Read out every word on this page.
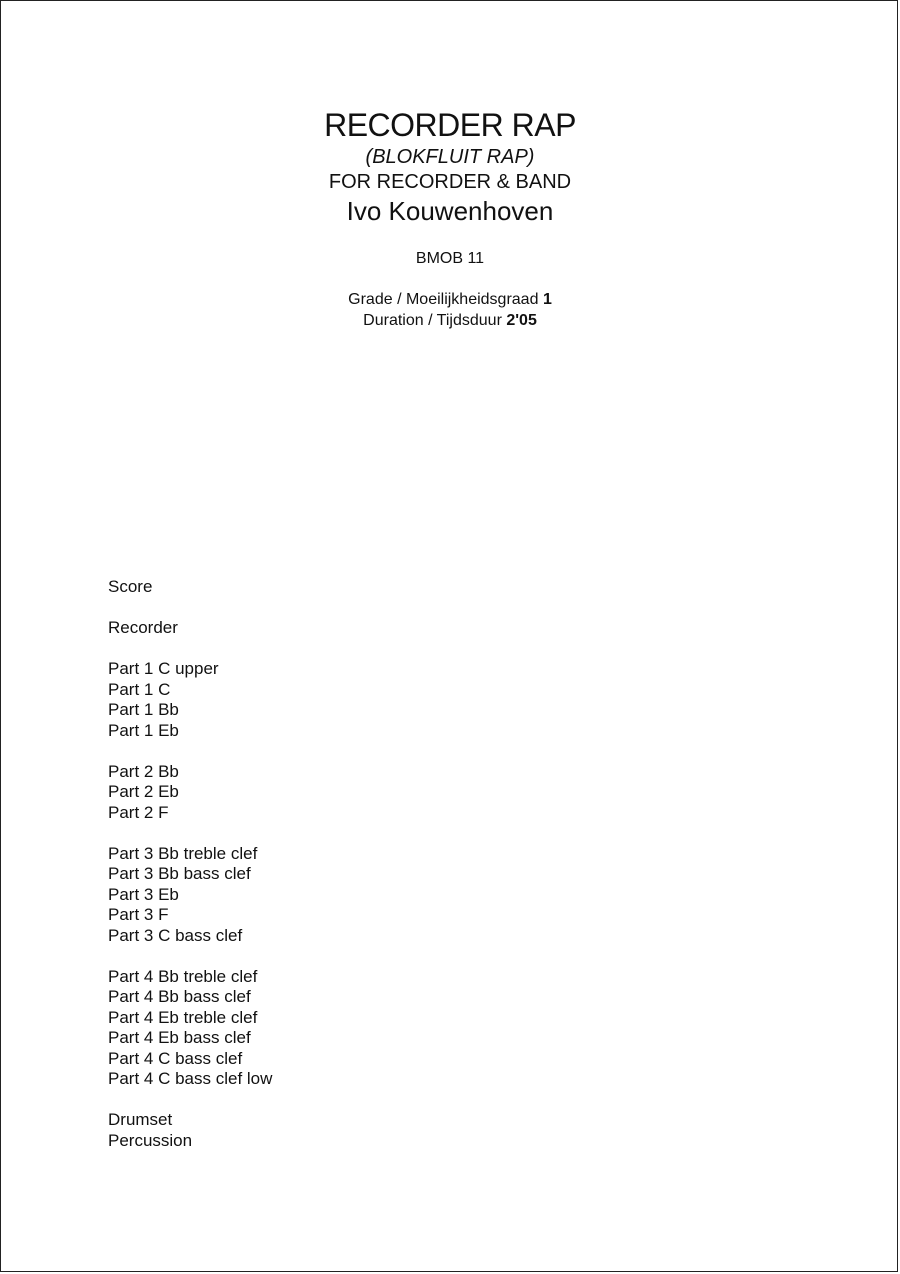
RECORDER RAP
(BLOKFLUIT RAP)
FOR RECORDER & BAND
Ivo Kouwenhoven
BMOB 11
Grade / Moeilijkheidsgraad 1
Duration / Tijdsduur 2'05
Score
Recorder
Part 1 C upper
Part 1 C
Part 1 Bb
Part 1 Eb
Part 2 Bb
Part 2 Eb
Part 2 F
Part 3 Bb treble clef
Part 3 Bb bass clef
Part 3 Eb
Part 3 F
Part 3 C bass clef
Part 4 Bb treble clef
Part 4 Bb bass clef
Part 4 Eb treble clef
Part 4 Eb bass clef
Part 4 C bass clef
Part 4 C bass clef low
Drumset
Percussion
